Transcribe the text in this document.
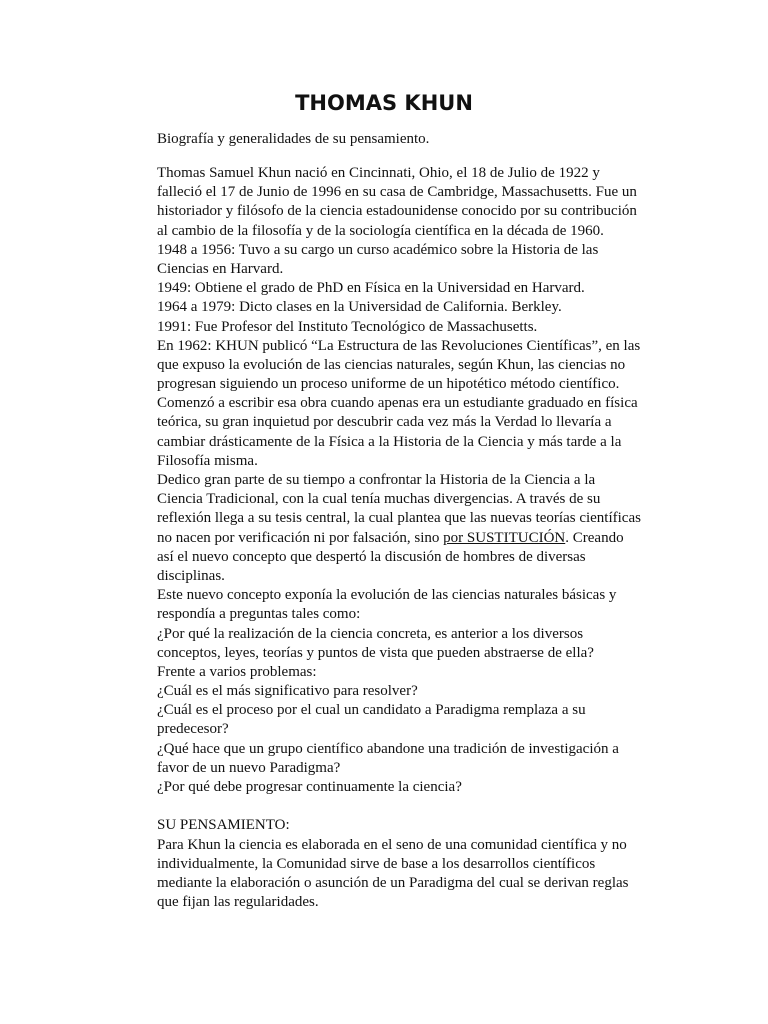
THOMAS KHUN

Biografía y generalidades de su pensamiento.

Thomas Samuel Khun nació en Cincinnati, Ohio, el 18 de Julio de 1922 y
falleció el 17 de Junio de 1996 en su casa de Cambridge, Massachusetts. Fue un
historiador y filósofo de la ciencia estadounidense conocido por su contribución
al cambio de la filosofía y de la sociología científica en la década de 1960.
1948 a 1956: Tuvo a su cargo un curso académico sobre la Historia de las
Ciencias en Harvard.
1949: Obtiene el grado de PhD en Física en la Universidad en Harvard.
1964 a 1979: Dicto clases en la Universidad de California. Berkley.
1991: Fue Profesor del Instituto Tecnológico de Massachusetts.
En 1962: KHUN publicó “La Estructura de las Revoluciones Científicas”, en las
que expuso la evolución de las ciencias naturales, según Khun, las ciencias no
progresan siguiendo un proceso uniforme de un hipotético método científico.
Comenzó a escribir esa obra cuando apenas era un estudiante graduado en física
teórica, su gran inquietud por descubrir cada vez más la Verdad lo llevaría a
cambiar drásticamente de la Física a la Historia de la Ciencia y más tarde a la
Filosofía misma.
Dedico gran parte de su tiempo a confrontar la Historia de la Ciencia a la
Ciencia Tradicional, con la cual tenía muchas divergencias. A través de su
reflexión llega a su tesis central, la cual plantea que las nuevas teorías científicas
no nacen por verificación ni por falsación, sino por SUSTITUCIÓN. Creando
así el nuevo concepto que despertó la discusión de hombres de diversas
disciplinas.
Este nuevo concepto exponía la evolución de las ciencias naturales básicas y
respondía a preguntas tales como:
¿Por qué la realización de la ciencia concreta, es anterior a los diversos
conceptos, leyes, teorías y puntos de vista que pueden abstraerse de ella?
Frente a varios problemas:
¿Cuál es el más significativo para resolver?
¿Cuál es el proceso por el cual un candidato a Paradigma remplaza a su
predecesor?
¿Qué hace que un grupo científico abandone una tradición de investigación a
favor de un nuevo Paradigma?
¿Por qué debe progresar continuamente la ciencia?
SU PENSAMIENTO:
Para Khun la ciencia es elaborada en el seno de una comunidad científica y no
individualmente, la Comunidad sirve de base a los desarrollos científicos
mediante la elaboración o asunción de un Paradigma del cual se derivan reglas
que fijan las regularidades.
